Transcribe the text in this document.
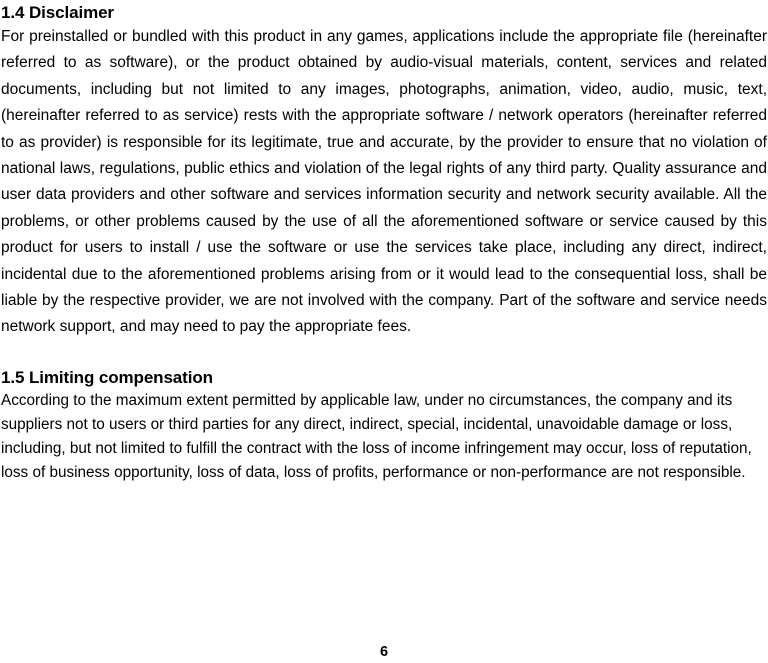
1.4 Disclaimer

For preinstalled or bundled with this product in any games, applications include the appropriate file (hereinafter referred to as software), or the product obtained by audio-visual materials, content, services and related documents, including but not limited to any images, photographs, animation, video, audio, music, text, (hereinafter referred to as service) rests with the appropriate software / network operators (hereinafter referred to as provider) is responsible for its legitimate, true and accurate, by the provider to ensure that no violation of national laws, regulations, public ethics and violation of the legal rights of any third party. Quality assurance and user data providers and other software and services information security and network security available. All the problems, or other problems caused by the use of all the aforementioned software or service caused by this product for users to install / use the software or use the services take place, including any direct, indirect, incidental due to the aforementioned problems arising from or it would lead to the consequential loss, shall be liable by the respective provider, we are not involved with the company. Part of the software and service needs network support, and may need to pay the appropriate fees.

1.5 Limiting compensation

According to the maximum extent permitted by applicable law, under no circumstances, the company and its suppliers not to users or third parties for any direct, indirect, special, incidental, unavoidable damage or loss, including, but not limited to fulfill the contract with the loss of income infringement may occur, loss of reputation, loss of business opportunity, loss of data, loss of profits, performance or non-performance are not responsible.

6
